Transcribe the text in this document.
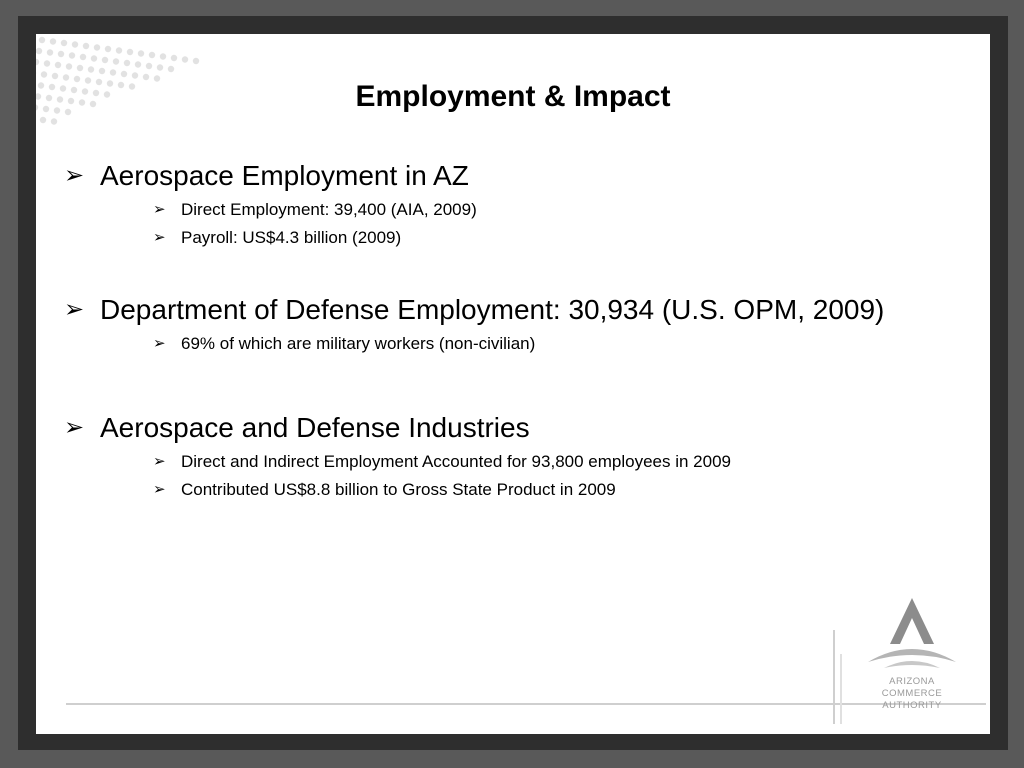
Employment & Impact
➢ Aerospace Employment in AZ
➢ Direct Employment: 39,400 (AIA, 2009)
➢ Payroll: US$4.3 billion (2009)
➢ Department of Defense Employment: 30,934 (U.S. OPM, 2009)
➢ 69% of which are military workers (non-civilian)
➢ Aerospace and Defense Industries
➢ Direct and Indirect Employment Accounted for 93,800 employees in 2009
➢ Contributed US$8.8 billion to Gross State Product in 2009
ARIZONA
COMMERCE
AUTHORITY
